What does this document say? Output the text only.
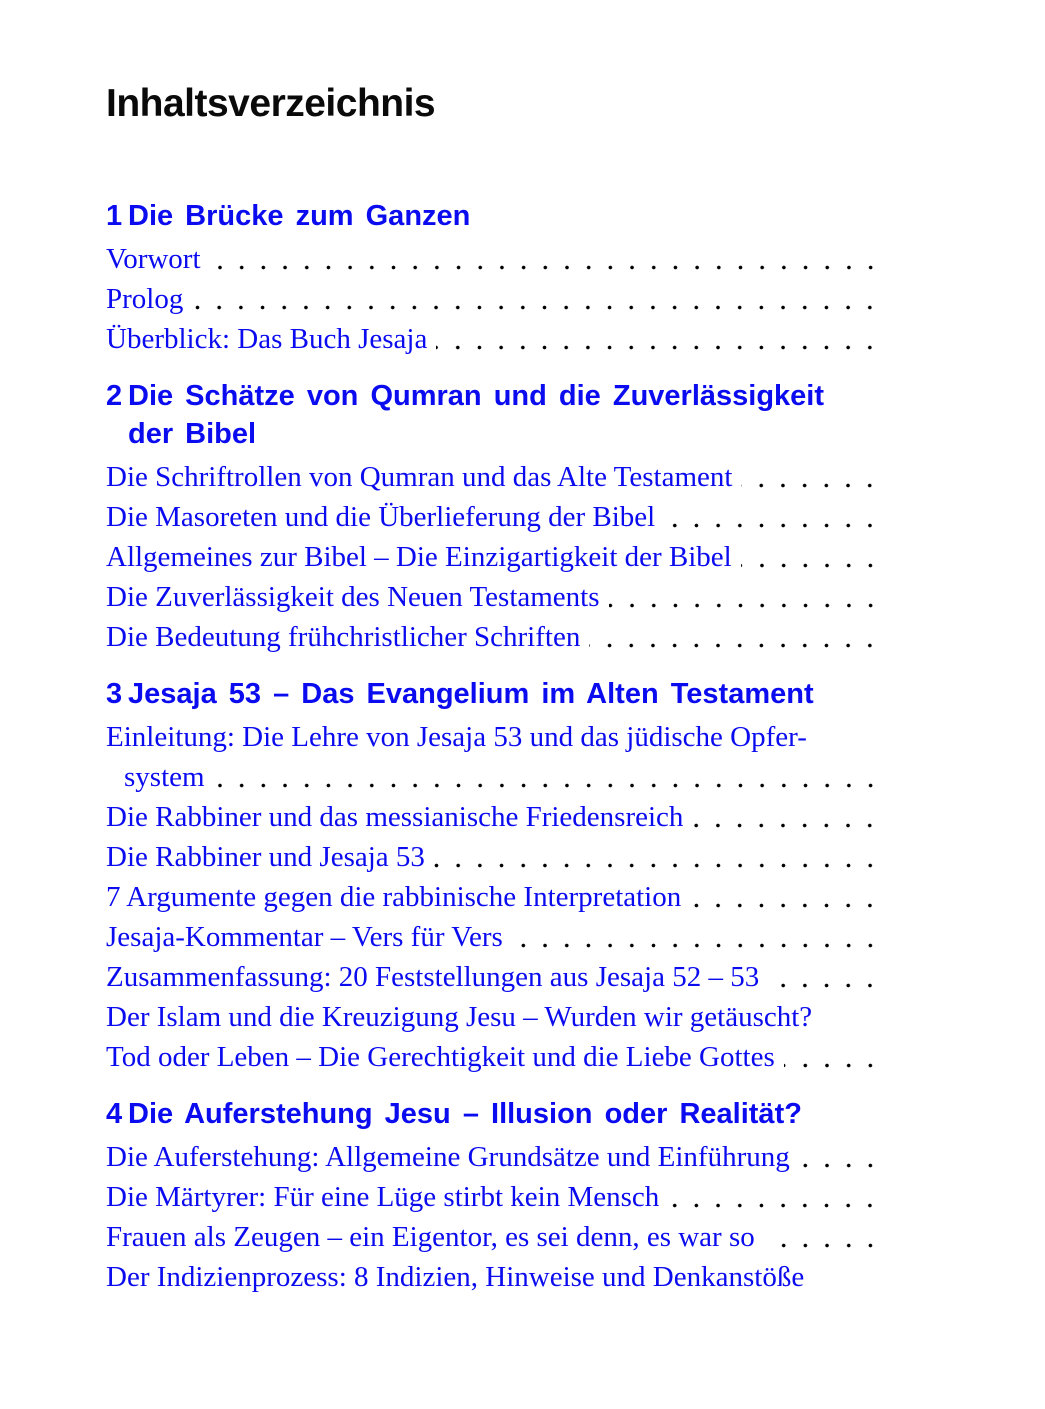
Inhaltsverzeichnis
1 Die Brücke zum Ganzen
Vorwort
Prolog
Überblick: Das Buch Jesaja
2 Die Schätze von Qumran und die Zuverlässigkeit
der Bibel
Die Schriftrollen von Qumran und das Alte Testament
Die Masoreten und die Überlieferung der Bibel
Allgemeines zur Bibel – Die Einzigartigkeit der Bibel
Die Zuverlässigkeit des Neuen Testaments
Die Bedeutung frühchristlicher Schriften
3 Jesaja 53 – Das Evangelium im Alten Testament
Einleitung: Die Lehre von Jesaja 53 und das jüdische Opfer-
system
Die Rabbiner und das messianische Friedensreich
Die Rabbiner und Jesaja 53
7 Argumente gegen die rabbinische Interpretation
Jesaja-Kommentar – Vers für Vers
Zusammenfassung: 20 Feststellungen aus Jesaja 52 – 53
Der Islam und die Kreuzigung Jesu – Wurden wir getäuscht?
Tod oder Leben – Die Gerechtigkeit und die Liebe Gottes
4 Die Auferstehung Jesu – Illusion oder Realität?
Die Auferstehung: Allgemeine Grundsätze und Einführung
Die Märtyrer: Für eine Lüge stirbt kein Mensch
Frauen als Zeugen – ein Eigentor, es sei denn, es war so
Der Indizienprozess: 8 Indizien, Hinweise und Denkanstöße
